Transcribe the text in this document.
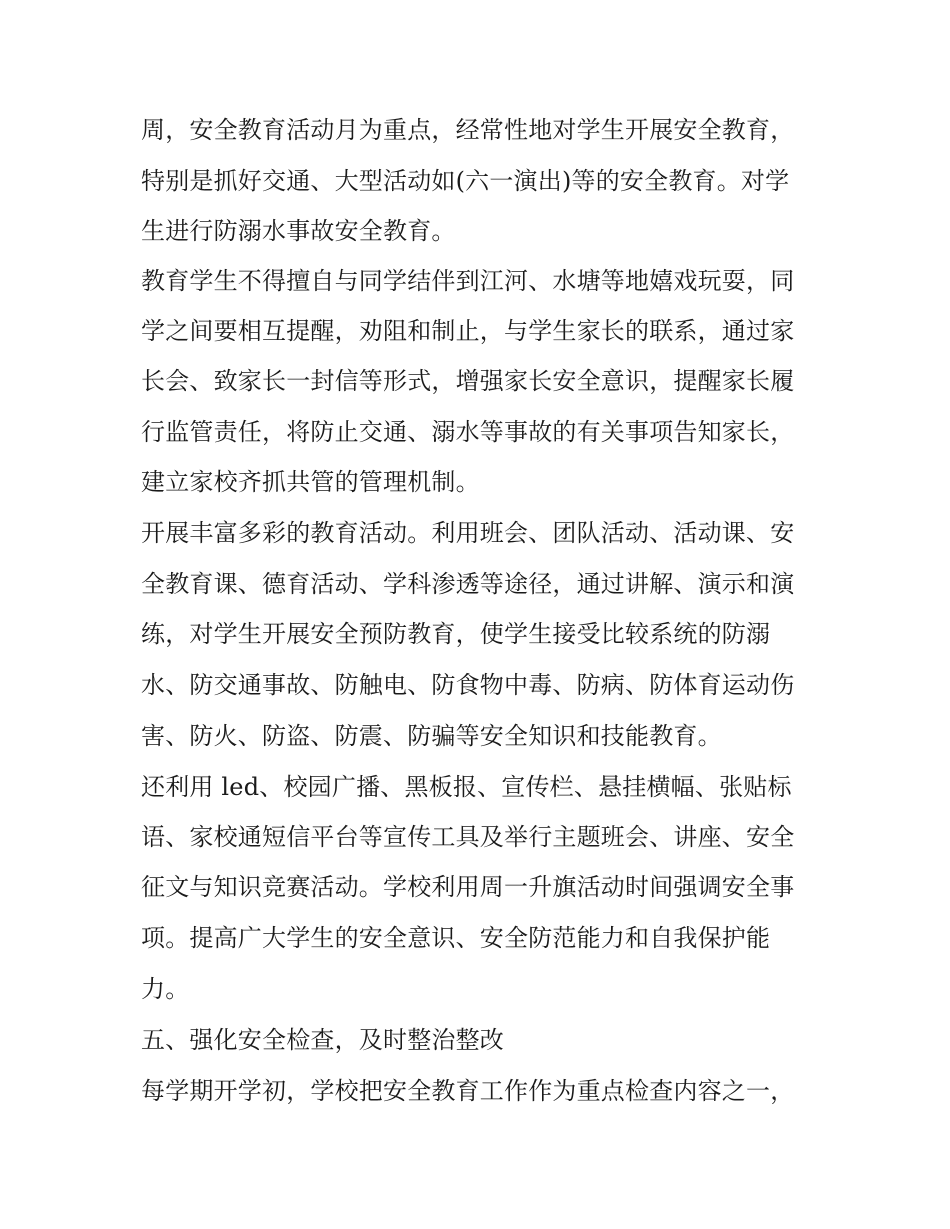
周，安全教育活动月为重点，经常性地对学生开展安全教育，
特别是抓好交通、大型活动如(六一演出)等的安全教育。对学
生进行防溺水事故安全教育。
教育学生不得擅自与同学结伴到江河、水塘等地嬉戏玩耍，同
学之间要相互提醒，劝阻和制止，与学生家长的联系，通过家
长会、致家长一封信等形式，增强家长安全意识，提醒家长履
行监管责任，将防止交通、溺水等事故的有关事项告知家长，
建立家校齐抓共管的管理机制。
开展丰富多彩的教育活动。利用班会、团队活动、活动课、安
全教育课、德育活动、学科渗透等途径，通过讲解、演示和演
练，对学生开展安全预防教育，使学生接受比较系统的防溺
水、防交通事故、防触电、防食物中毒、防病、防体育运动伤
害、防火、防盗、防震、防骗等安全知识和技能教育。
还利用 led、校园广播、黑板报、宣传栏、悬挂横幅、张贴标
语、家校通短信平台等宣传工具及举行主题班会、讲座、安全
征文与知识竞赛活动。学校利用周一升旗活动时间强调安全事
项。提高广大学生的安全意识、安全防范能力和自我保护能
力。
五、强化安全检查，及时整治整改
每学期开学初，学校把安全教育工作作为重点检查内容之一，
